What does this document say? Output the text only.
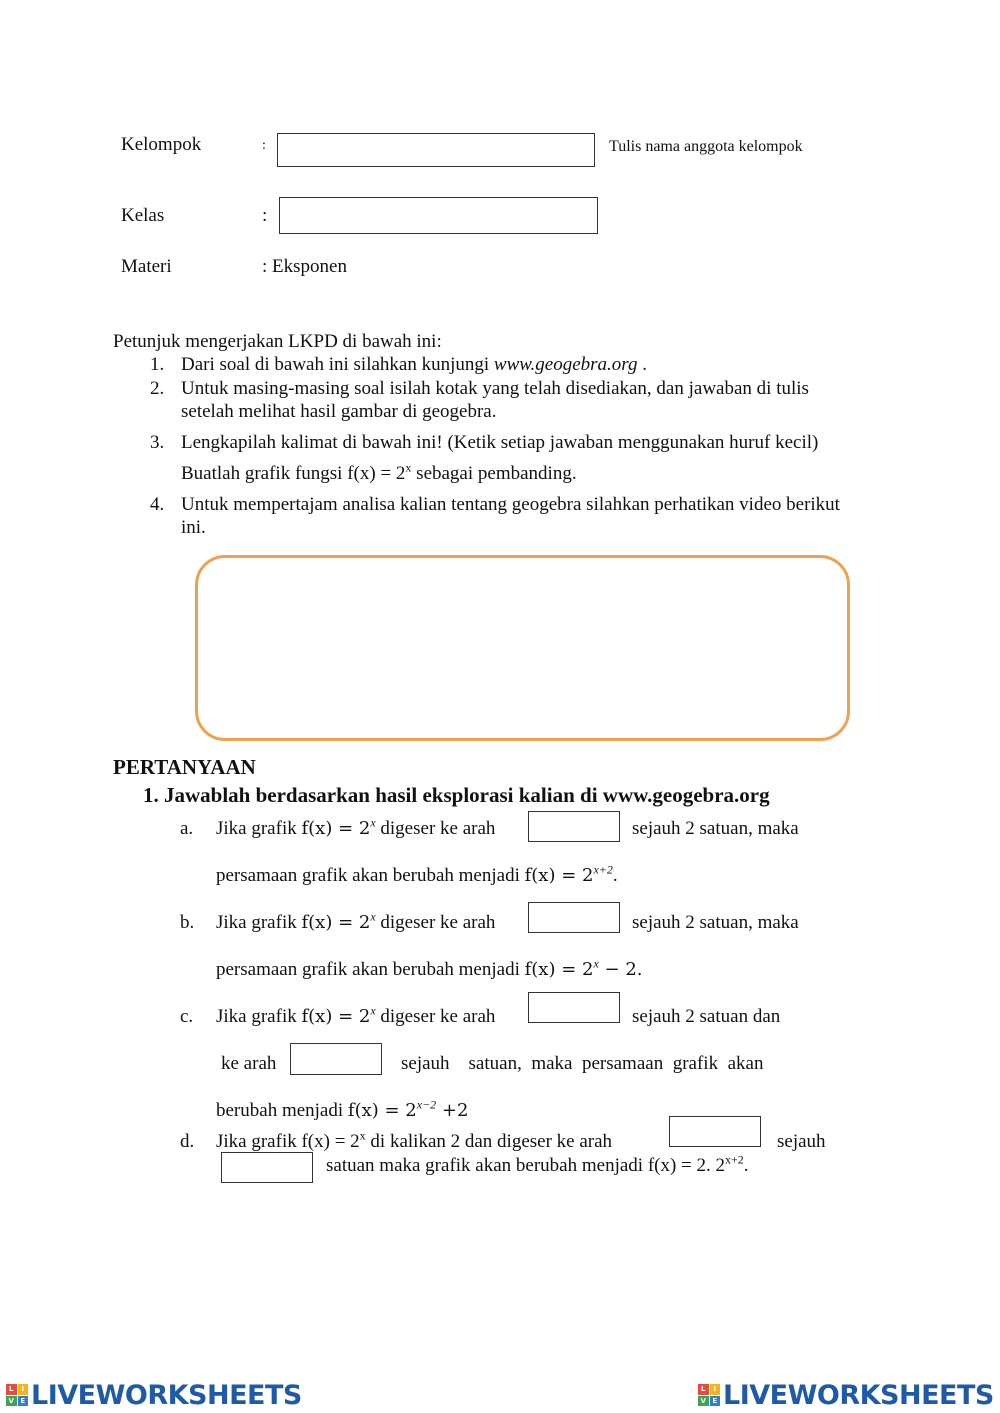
Kelompok	:	Tulis nama anggota kelompok
Kelas	:
Materi	: Eksponen
Petunjuk mengerjakan LKPD di bawah ini:
1. Dari soal di bawah ini silahkan kunjungi www.geogebra.org .
2. Untuk masing-masing soal isilah kotak yang telah disediakan, dan jawaban di tulis
setelah melihat hasil gambar di geogebra.
3. Lengkapilah kalimat di bawah ini! (Ketik setiap jawaban menggunakan huruf kecil)
Buatlah grafik fungsi $f(x) = 2^x$ sebagai pembanding.
4. Untuk mempertajam analisa kalian tentang geogebra silahkan perhatikan video berikut
ini.
PERTANYAAN
1. Jawablah berdasarkan hasil eksplorasi kalian di www.geogebra.org
a. Jika grafik $f(x) = 2^x$ digeser ke arah	sejauh 2 satuan, maka
persamaan grafik akan berubah menjadi $f(x) = 2^{x+2}$.
b. Jika grafik $f(x) = 2^x$ digeser ke arah	sejauh 2 satuan, maka
persamaan grafik akan berubah menjadi $f(x) = 2^x - 2$.
c. Jika grafik $f(x) = 2^x$ digeser ke arah	sejauh 2 satuan dan
ke arah	sejauh    satuan,  maka  persamaan  grafik  akan
berubah menjadi $f(x) = 2^{x-2} +2$
d. Jika grafik $f(x) = 2^x$ di kalikan 2 dan digeser ke arah	sejauh
satuan maka grafik akan berubah menjadi f(x) = 2. $2^{x+2}$.
L	I
V E LIVEWORKSHEETS	L	I
V E LIVEWORKSHEETS
